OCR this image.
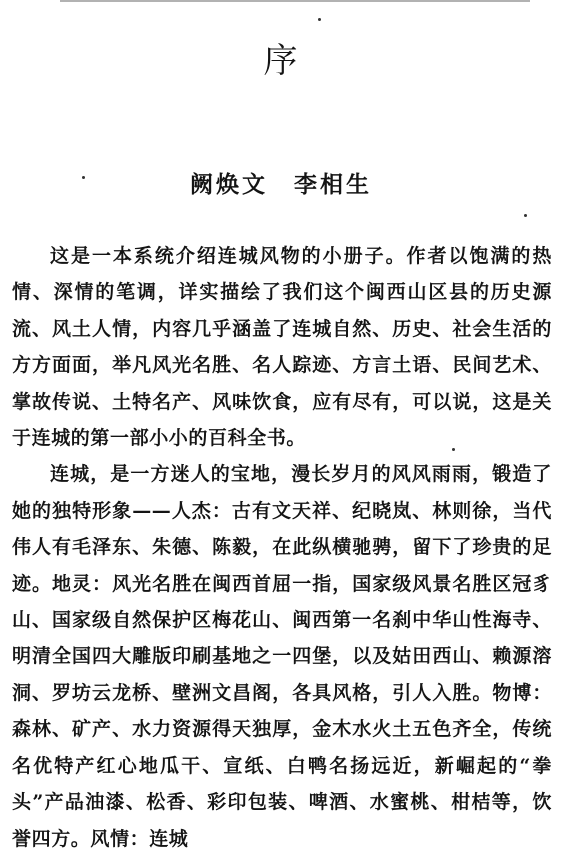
序
阙焕文 李相生

这是一本系统介绍连城风物的小册子。作者以饱满的热情、深情的笔调，详实描绘了我们这个闽西山区县的历史源流、风土人情，内容几乎涵盖了连城自然、历史、社会生活的方方面面，举凡风光名胜、名人踪迹、方言土语、民间艺术、掌故传说、土特名产、风味饮食，应有尽有，可以说，这是关于连城的第一部小小的百科全书。

连城，是一方迷人的宝地，漫长岁月的风风雨雨，锻造了她的独特形象——人杰：古有文天祥、纪晓岚、林则徐，当代伟人有毛泽东、朱德、陈毅，在此纵横驰骋，留下了珍贵的足迹。地灵：风光名胜在闽西首屈一指，国家级风景名胜区冠豸山、国家级自然保护区梅花山、闽西第一名刹中华山性海寺、明清全国四大雕版印刷基地之一四堡，以及姑田西山、赖源溶洞、罗坊云龙桥、壁洲文昌阁，各具风格，引人入胜。物博：森林、矿产、水力资源得天独厚，金木水火土五色齐全，传统名优特产红心地瓜干、宣纸、白鸭名扬远近，新崛起的“拳头”产品油漆、松香、彩印包装、啤酒、水蜜桃、柑桔等，饮誉四方。风情：连城
